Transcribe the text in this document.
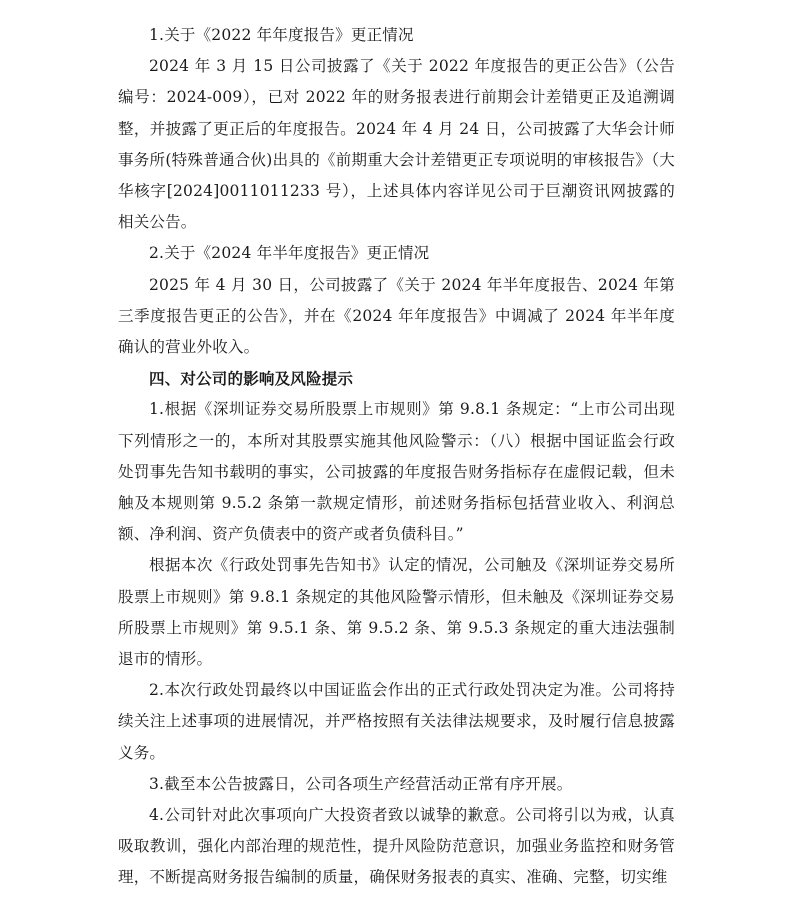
1.关于《2022 年年度报告》更正情况

2024 年 3 月 15 日公司披露了《关于 2022 年度报告的更正公告》（公告编号：2024-009），已对 2022 年的财务报表进行前期会计差错更正及追溯调整，并披露了更正后的年度报告。2024 年 4 月 24 日，公司披露了大华会计师事务所(特殊普通合伙)出具的《前期重大会计差错更正专项说明的审核报告》（大华核字[2024]0011011233 号），上述具体内容详见公司于巨潮资讯网披露的相关公告。

2.关于《2024 年半年度报告》更正情况

2025 年 4 月 30 日，公司披露了《关于 2024 年半年度报告、2024 年第三季度报告更正的公告》，并在《2024 年年度报告》中调减了 2024 年半年度确认的营业外收入。

四、对公司的影响及风险提示

1.根据《深圳证券交易所股票上市规则》第 9.8.1 条规定：“上市公司出现下列情形之一的，本所对其股票实施其他风险警示：（八）根据中国证监会行政处罚事先告知书载明的事实，公司披露的年度报告财务指标存在虚假记载，但未触及本规则第 9.5.2 条第一款规定情形，前述财务指标包括营业收入、利润总额、净利润、资产负债表中的资产或者负债科目。”

根据本次《行政处罚事先告知书》认定的情况，公司触及《深圳证券交易所股票上市规则》第 9.8.1 条规定的其他风险警示情形，但未触及《深圳证券交易所股票上市规则》第 9.5.1 条、第 9.5.2 条、第 9.5.3 条规定的重大违法强制退市的情形。

2.本次行政处罚最终以中国证监会作出的正式行政处罚决定为准。公司将持续关注上述事项的进展情况，并严格按照有关法律法规要求，及时履行信息披露义务。

3.截至本公告披露日，公司各项生产经营活动正常有序开展。

4.公司针对此次事项向广大投资者致以诚挚的歉意。公司将引以为戒，认真吸取教训，强化内部治理的规范性，提升风险防范意识，加强业务监控和财务管理，不断提高财务报告编制的质量，确保财务报表的真实、准确、完整，切实维
